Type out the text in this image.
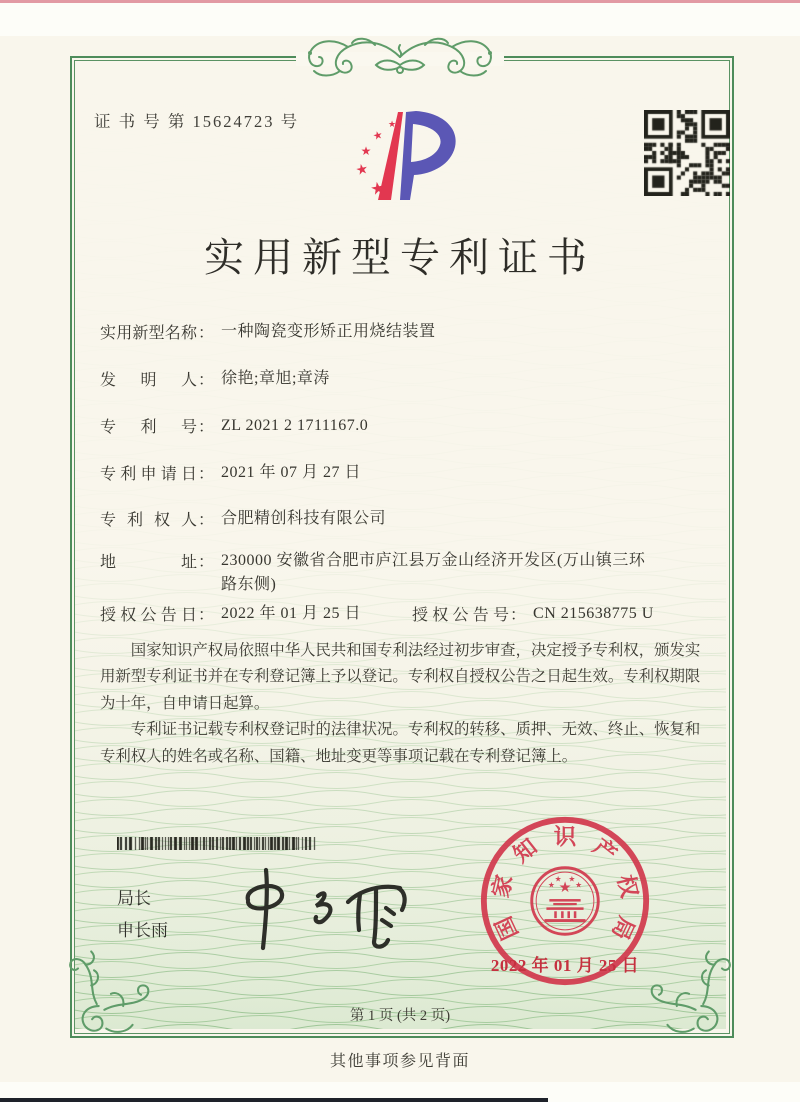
证 书 号 第 15624723 号	★
★
★
★
★
实用新型专利证书
实用新型名称 ： 一种陶瓷变形矫正用烧结装置
发明人 ： 徐艳;章旭;章涛
专利号 ： ZL 2021 2 1711167.0
专利申请日 ： 2021 年 07 月 27 日
专利权人 ： 合肥精创科技有限公司
地址 ： 230000 安徽省合肥市庐江县万金山经济开发区(万山镇三环路东侧)
授权公告日 ： 2022 年 01 月 25 日	授权公告号 ： CN 215638775 U

国家知识产权局依照中华人民共和国专利法经过初步审查，决定授予专利权，颁发实用新型专利证书并在专利登记簿上予以登记。专利权自授权公告之日起生效。专利权期限为十年，自申请日起算。

专利证书记载专利权登记时的法律状况。专利权的转移、质押、无效、终止、恢复和专利权人的姓名或名称、国籍、地址变更等事项记载在专利登记簿上。

局长
申长雨	国
家
知 识 产
权
局
★
★
★ ★
★
2022 年 01 月 25 日
第 1 页 (共 2 页)
其他事项参见背面
